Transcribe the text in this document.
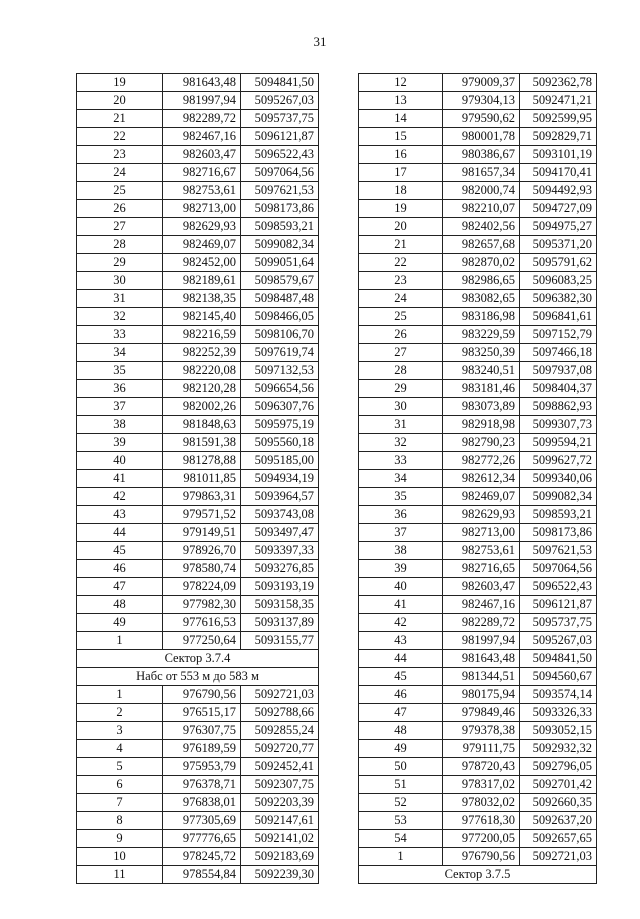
31
19	981643,48	5094841,50
20	981997,94	5095267,03
21	982289,72	5095737,75
22	982467,16	5096121,87
23	982603,47	5096522,43
24	982716,67	5097064,56
25	982753,61	5097621,53
26	982713,00	5098173,86
27	982629,93	5098593,21
28	982469,07	5099082,34
29	982452,00	5099051,64
30	982189,61	5098579,67
31	982138,35	5098487,48
32	982145,40	5098466,05
33	982216,59	5098106,70
34	982252,39	5097619,74
35	982220,08	5097132,53
36	982120,28	5096654,56
37	982002,26	5096307,76
38	981848,63	5095975,19
39	981591,38	5095560,18
40	981278,88	5095185,00
41	981011,85	5094934,19
42	979863,31	5093964,57
43	979571,52	5093743,08
44	979149,51	5093497,47
45	978926,70	5093397,33
46	978580,74	5093276,85
47	978224,09	5093193,19
48	977982,30	5093158,35
49	977616,53	5093137,89
1	977250,64	5093155,77
Сектор 3.7.4		
Набс от 553 м до 583 м		
1	976790,56	5092721,03
2	976515,17	5092788,66
3	976307,75	5092855,24
4	976189,59	5092720,77
5	975953,79	5092452,41
6	976378,71	5092307,75
7	976838,01	5092203,39
8	977305,69	5092147,61
9	977776,65	5092141,02
10	978245,72	5092183,69
11	978554,84	5092239,30
12	979009,37	5092362,78
13	979304,13	5092471,21
14	979590,62	5092599,95
15	980001,78	5092829,71
16	980386,67	5093101,19
17	981657,34	5094170,41
18	982000,74	5094492,93
19	982210,07	5094727,09
20	982402,56	5094975,27
21	982657,68	5095371,20
22	982870,02	5095791,62
23	982986,65	5096083,25
24	983082,65	5096382,30
25	983186,98	5096841,61
26	983229,59	5097152,79
27	983250,39	5097466,18
28	983240,51	5097937,08
29	983181,46	5098404,37
30	983073,89	5098862,93
31	982918,98	5099307,73
32	982790,23	5099594,21
33	982772,26	5099627,72
34	982612,34	5099340,06
35	982469,07	5099082,34
36	982629,93	5098593,21
37	982713,00	5098173,86
38	982753,61	5097621,53
39	982716,65	5097064,56
40	982603,47	5096522,43
41	982467,16	5096121,87
42	982289,72	5095737,75
43	981997,94	5095267,03
44	981643,48	5094841,50
45	981344,51	5094560,67
46	980175,94	5093574,14
47	979849,46	5093326,33
48	979378,38	5093052,15
49	979111,75	5092932,32
50	978720,43	5092796,05
51	978317,02	5092701,42
52	978032,02	5092660,35
53	977618,30	5092637,20
54	977200,05	5092657,65
1	976790,56	5092721,03
Сектор 3.7.5		
